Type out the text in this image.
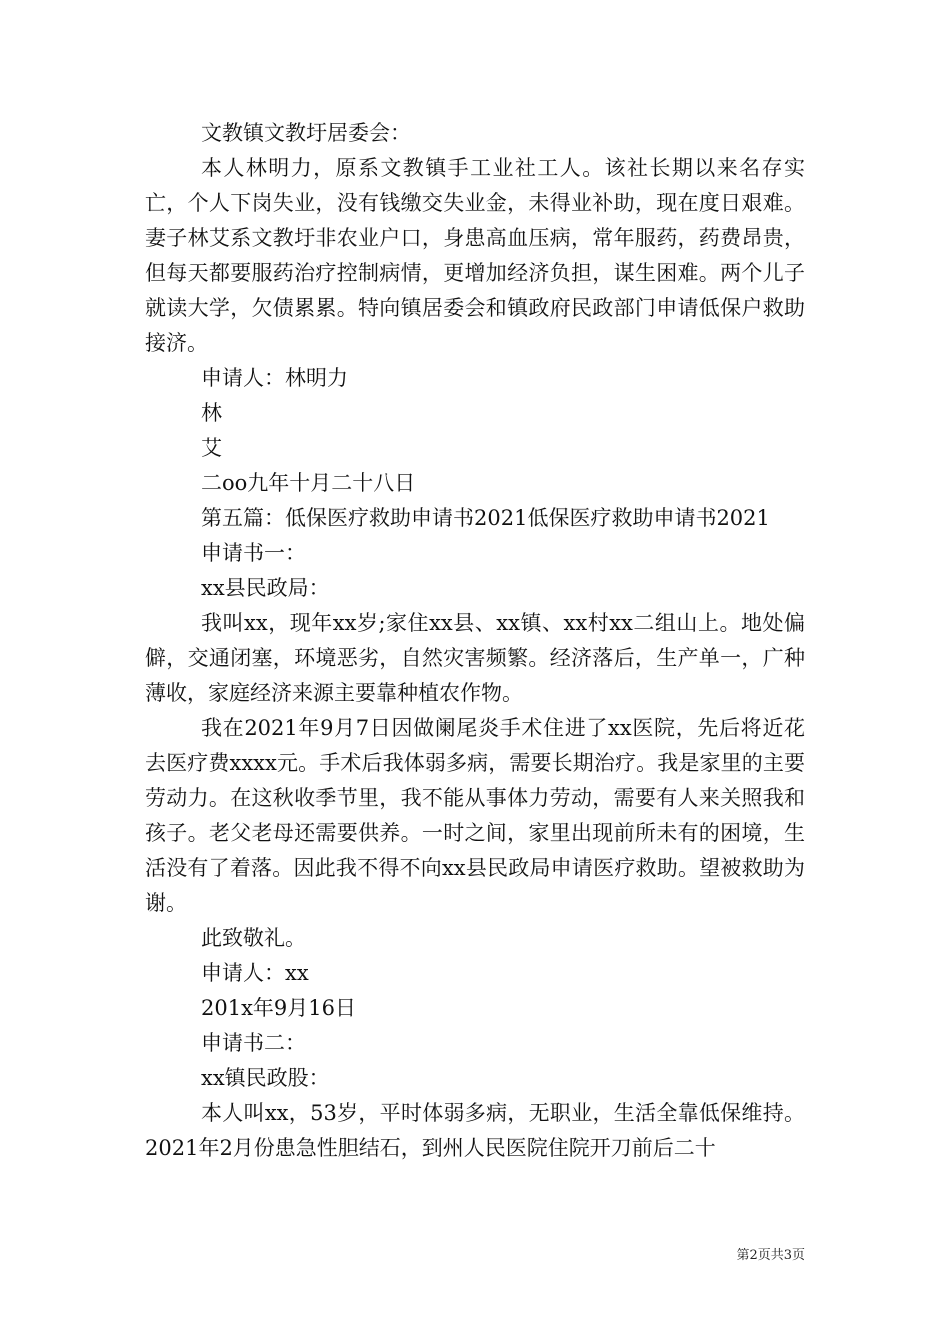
文教镇文教圩居委会：
本人林明力，原系文教镇手工业社工人。该社长期以来名存实亡，个人下岗失业，没有钱缴交失业金，未得业补助，现在度日艰难。妻子林艾系文教圩非农业户口，身患高血压病，常年服药，药费昂贵，但每天都要服药治疗控制病情，更增加经济负担，谋生困难。两个儿子就读大学，欠债累累。特向镇居委会和镇政府民政部门申请低保户救助接济。
申请人：林明力
林
艾
二oo九年十月二十八日
第五篇：低保医疗救助申请书2021低保医疗救助申请书2021
申请书一：
xx县民政局：
我叫xx，现年xx岁;家住xx县、xx镇、xx村xx二组山上。地处偏僻，交通闭塞，环境恶劣，自然灾害频繁。经济落后，生产单一，广种薄收，家庭经济来源主要靠种植农作物。
我在2021年9月7日因做阑尾炎手术住进了xx医院，先后将近花去医疗费xxxx元。手术后我体弱多病，需要长期治疗。我是家里的主要劳动力。在这秋收季节里，我不能从事体力劳动，需要有人来关照我和孩子。老父老母还需要供养。一时之间，家里出现前所未有的困境，生活没有了着落。因此我不得不向xx县民政局申请医疗救助。望被救助为谢。
此致敬礼。
申请人：xx
201x年9月16日
申请书二：
xx镇民政股：
本人叫xx，53岁，平时体弱多病，无职业，生活全靠低保维持。2021年2月份患急性胆结石，到州人民医院住院开刀前后二十
第2页共3页
